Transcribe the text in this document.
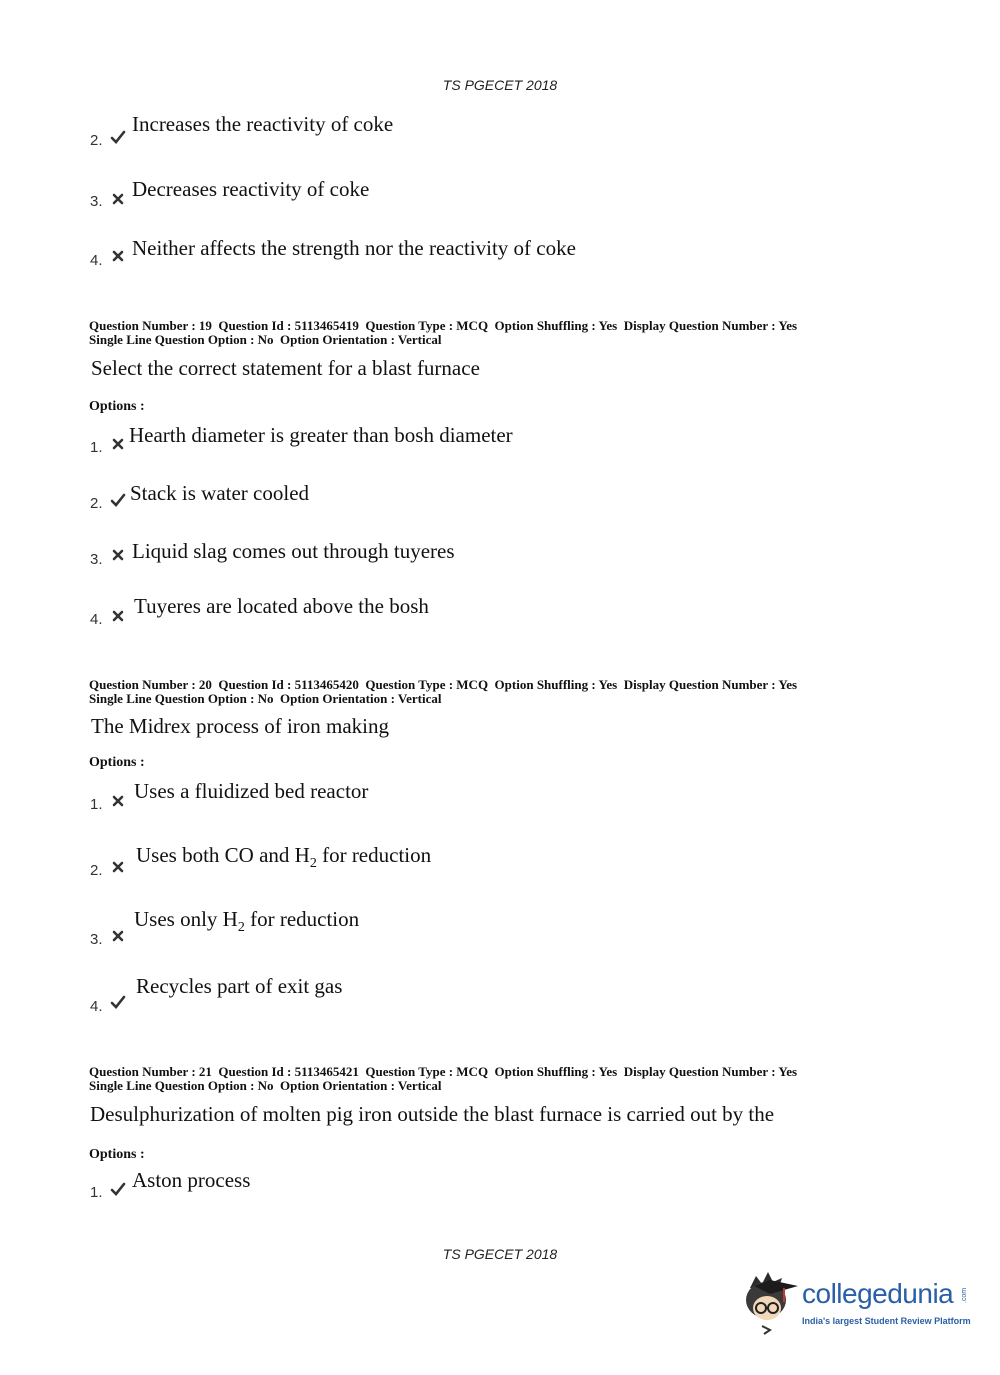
TS PGECET 2018
2.
Increases the reactivity of coke
3.
Decreases reactivity of coke
4.
Neither affects the strength nor the reactivity of coke
Question Number : 19  Question Id : 5113465419  Question Type : MCQ  Option Shuffling : Yes  Display Question Number : Yes
Single Line Question Option : No  Option Orientation : Vertical
Select the correct statement for a blast furnace
Options :
1.
Hearth diameter is greater than bosh diameter
2. Stack is water cooled
3. Liquid slag comes out through tuyeres
4.
Tuyeres are located above the bosh
Question Number : 20  Question Id : 5113465420  Question Type : MCQ  Option Shuffling : Yes  Display Question Number : Yes
Single Line Question Option : No  Option Orientation : Vertical
The Midrex process of iron making
Options :
1.
Uses a fluidized bed reactor
2.
Uses both CO and $H_2$ for reduction
3.
Uses only $H_2$ for reduction
4.
Recycles part of exit gas
Question Number : 21  Question Id : 5113465421  Question Type : MCQ  Option Shuffling : Yes  Display Question Number : Yes
Single Line Question Option : No  Option Orientation : Vertical
Desulphurization of molten pig iron outside the blast furnace is carried out by the
Options :
1.
Aston process
TS PGECET 2018
collegedunia .com
India's largest Student Review Platform
